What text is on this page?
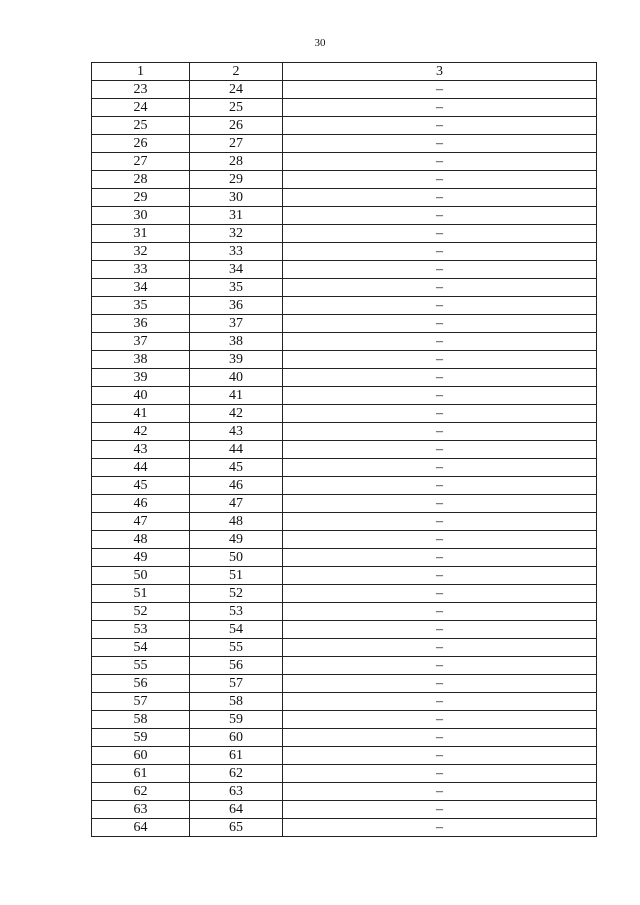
30
1	2	3
23	24	–
24	25	–
25	26	–
26	27	–
27	28	–
28	29	–
29	30	–
30	31	–
31	32	–
32	33	–
33	34	–
34	35	–
35	36	–
36	37	–
37	38	–
38	39	–
39	40	–
40	41	–
41	42	–
42	43	–
43	44	–
44	45	–
45	46	–
46	47	–
47	48	–
48	49	–
49	50	–
50	51	–
51	52	–
52	53	–
53	54	–
54	55	–
55	56	–
56	57	–
57	58	–
58	59	–
59	60	–
60	61	–
61	62	–
62	63	–
63	64	–
64	65	–
